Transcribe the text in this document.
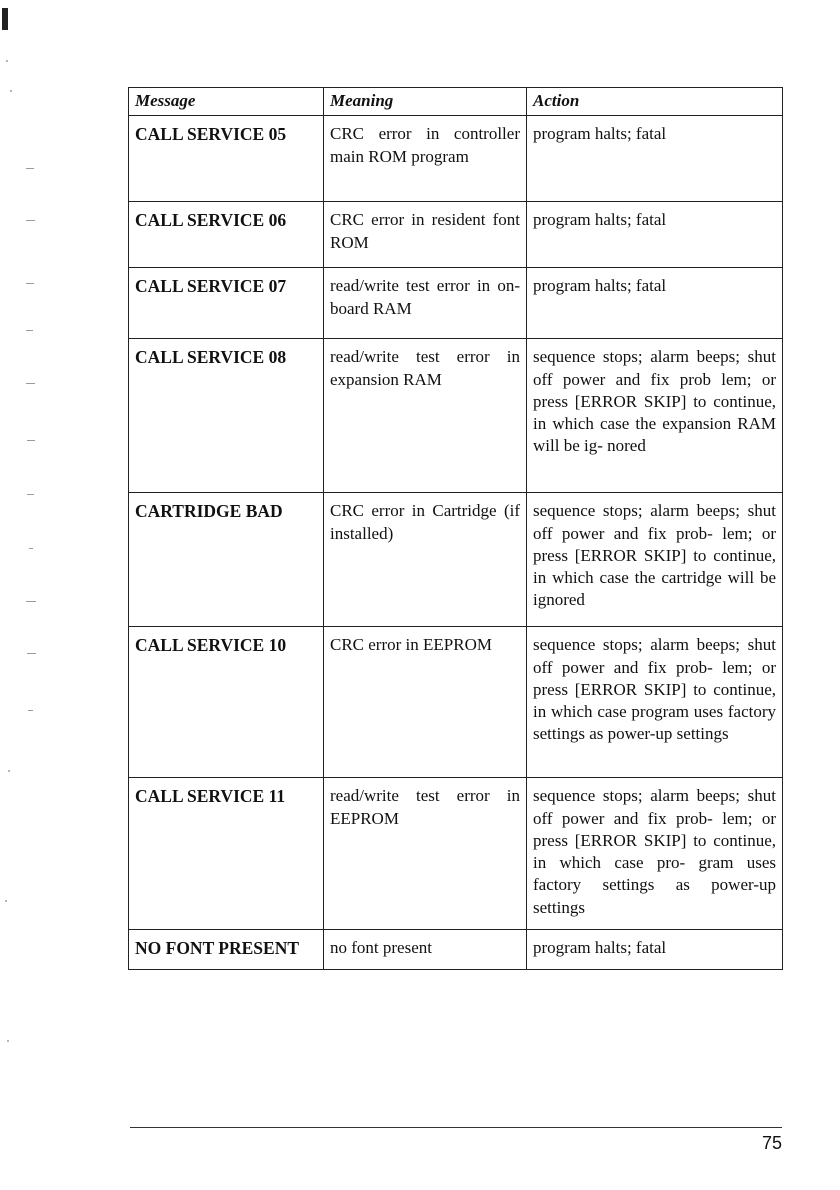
Message	Meaning	Action
CALL SERVICE 05	CRC error in controller main ROM program	program halts; fatal
CALL SERVICE 06	CRC error in resident font ROM	program halts; fatal
CALL SERVICE 07	read/write test error in on-board RAM	program halts; fatal
CALL SERVICE 08	read/write test error in expansion RAM	sequence stops; alarm beeps; shut off power and fix prob lem; or press [ERROR SKIP] to continue, in which case the expansion RAM will be ig- nored
CARTRIDGE BAD	CRC error in Cartridge (if installed)	sequence stops; alarm beeps; shut off power and fix prob- lem; or press [ERROR SKIP] to continue, in which case the cartridge will be ignored
CALL SERVICE 10	CRC error in EEPROM	sequence stops; alarm beeps; shut off power and fix prob- lem; or press [ERROR SKIP] to continue, in which case program uses factory settings as power-up settings
CALL SERVICE 11	read/write test error in EEPROM	sequence stops; alarm beeps; shut off power and fix prob- lem; or press [ERROR SKIP] to continue, in which case pro- gram uses factory settings as power-up settings
NO FONT PRESENT	no font present	program halts; fatal
75
